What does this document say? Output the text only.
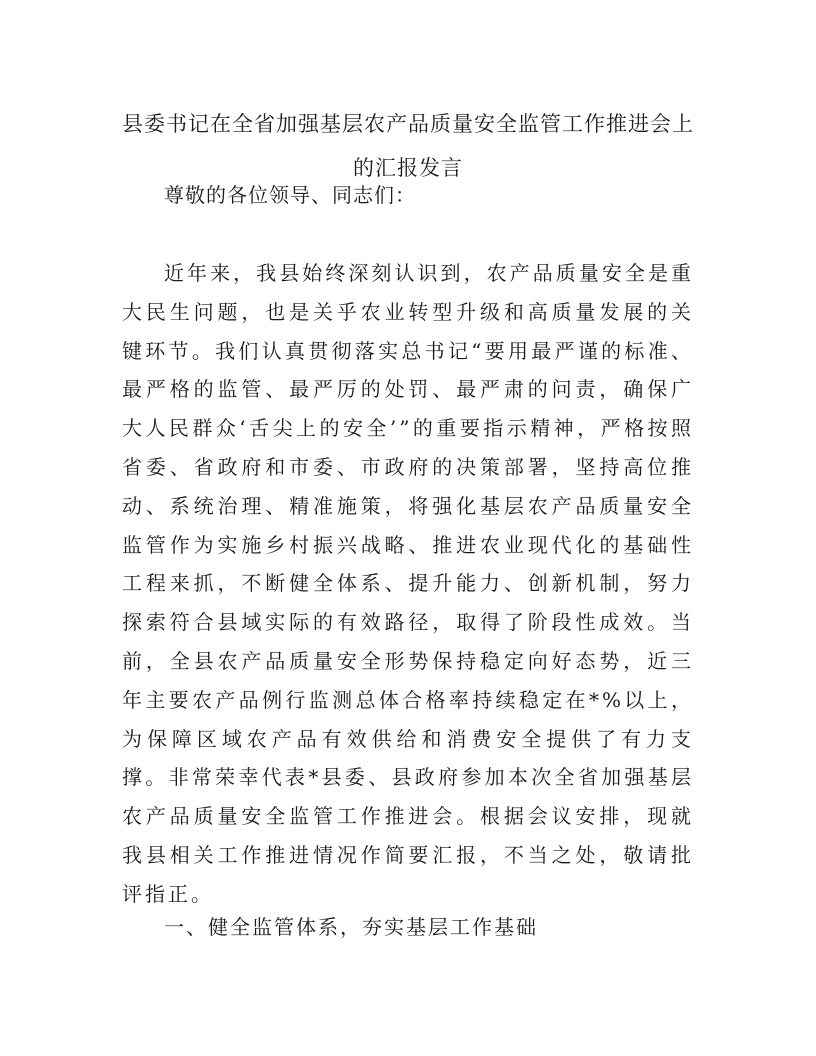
县委书记在全省加强基层农产品质量安全监管工作推进会上
的汇报发言

尊敬的各位领导、同志们：

近年来，我县始终深刻认识到，农产品质量安全是重大民生问题，也是关乎农业转型升级和高质量发展的关键环节。我们认真贯彻落实总书记“要用最严谨的标准、最严格的监管、最严厉的处罚、最严肃的问责，确保广大人民群众‘舌尖上的安全’”的重要指示精神，严格按照省委、省政府和市委、市政府的决策部署，坚持高位推动、系统治理、精准施策，将强化基层农产品质量安全监管作为实施乡村振兴战略、推进农业现代化的基础性工程来抓，不断健全体系、提升能力、创新机制，努力探索符合县域实际的有效路径，取得了阶段性成效。当前，全县农产品质量安全形势保持稳定向好态势，近三年主要农产品例行监测总体合格率持续稳定在*%以上，为保障区域农产品有效供给和消费安全提供了有力支撑。非常荣幸代表*县委、县政府参加本次全省加强基层农产品质量安全监管工作推进会。根据会议安排，现就我县相关工作推进情况作简要汇报，不当之处，敬请批评指正。

一、健全监管体系，夯实基层工作基础
